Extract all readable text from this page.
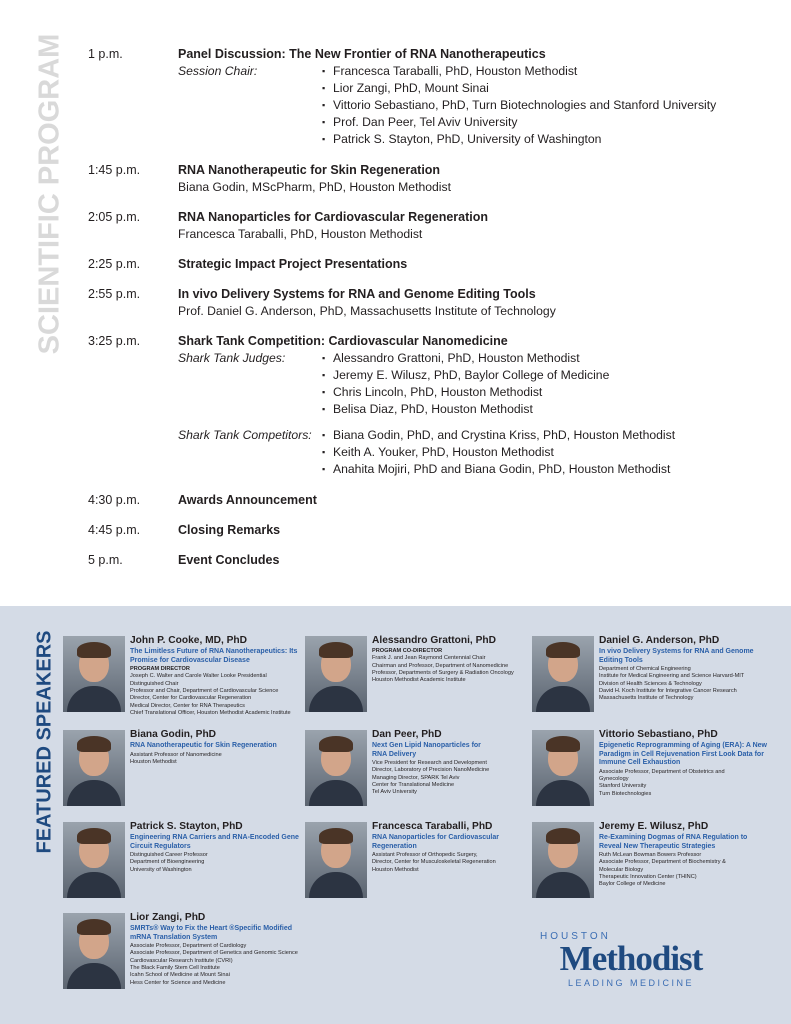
SCIENTIFIC PROGRAM 1 p.m.	Panel Discussion: The New Frontier of RNA Nanotherapeutics
Session Chair:	▪ Francesca Taraballi, PhD, Houston Methodist
▪ Lior Zangi, PhD, Mount Sinai
▪ Vittorio Sebastiano, PhD, Turn Biotechnologies and Stanford University
▪ Prof. Dan Peer, Tel Aviv University
▪ Patrick S. Stayton, PhD, University of Washington
1:45 p.m.	RNA Nanotherapeutic for Skin Regeneration
Biana Godin, MScPharm, PhD, Houston Methodist
2:05 p.m.	RNA Nanoparticles for Cardiovascular Regeneration
Francesca Taraballi, PhD, Houston Methodist
2:25 p.m.	Strategic Impact Project Presentations
2:55 p.m.	In vivo Delivery Systems for RNA and Genome Editing Tools
Prof. Daniel G. Anderson, PhD, Massachusetts Institute of Technology
3:25 p.m.	Shark Tank Competition: Cardiovascular Nanomedicine
Shark Tank Judges:	▪ Alessandro Grattoni, PhD, Houston Methodist
▪ Jeremy E. Wilusz, PhD, Baylor College of Medicine
▪ Chris Lincoln, PhD, Houston Methodist
▪ Belisa Diaz, PhD, Houston Methodist
Shark Tank Competitors:	▪ Biana Godin, PhD, and Crystina Kriss, PhD, Houston Methodist
▪ Keith A. Youker, PhD, Houston Methodist
▪ Anahita Mojiri, PhD and Biana Godin, PhD, Houston Methodist
4:30 p.m.	Awards Announcement
4:45 p.m.	Closing Remarks
5 p.m.	Event Concludes
FEATURED SPEAKERS	John P. Cooke, MD, PhD
The Limitless Future of RNA Nanotherapeutics: Its Promise for Cardiovascular Disease
PROGRAM DIRECTOR
Joseph C. Walter and Carole Walter Looke Presidential
Distinguished Chair
Professor and Chair, Department of Cardiovascular Science
Director, Center for Cardiovascular Regeneration
Medical Director, Center for RNA Therapeutics
Chief Translational Officer, Houston Methodist Academic Institute
Alessandro Grattoni, PhD
PROGRAM CO-DIRECTOR
Frank J. and Jean Raymond Centennial Chair
Chairman and Professor, Department of Nanomedicine
Professor, Departments of Surgery & Radiation Oncology
Houston Methodist Academic Institute
Daniel G. Anderson, PhD
In vivo Delivery Systems for RNA and Genome Editing Tools
Department of Chemical Engineering
Institute for Medical Engineering and Science Harvard-MIT
Division of Health Sciences & Technology
David H. Koch Institute for Integrative Cancer Research
Massachusetts Institute of Technology
Biana Godin, PhD
RNA Nanotherapeutic for Skin Regeneration
Assistant Professor of Nanomedicine
Houston Methodist
Dan Peer, PhD
Next Gen Lipid Nanoparticles for RNA Delivery
Vice President for Research and Development
Director, Laboratory of Precision NanoMedicine
Managing Director, SPARK Tel Aviv
Center for Translational Medicine
Tel Aviv University
Vittorio Sebastiano, PhD
Epigenetic Reprogramming of Aging (ERA): A New Paradigm in Cell Rejuvenation First Look Data for Immune Cell Exhaustion
Associate Professor, Department of Obstetrics and
Gynecology
Stanford University
Turn Biotechnologies
Patrick S. Stayton, PhD
Engineering RNA Carriers and RNA-Encoded Gene Circuit Regulators
Distinguished Career Professor
Department of Bioengineering
University of Washington
Francesca Taraballi, PhD
RNA Nanoparticles for Cardiovascular Regeneration
Assistant Professor of Orthopedic Surgery,
Director, Center for Musculoskeletal Regeneration
Houston Methodist
Jeremy E. Wilusz, PhD
Re-Examining Dogmas of RNA Regulation to Reveal New Therapeutic Strategies
Ruth McLean Bowman Bowers Professor
Associate Professor, Department of Biochemistry &
Molecular Biology
Therapeutic Innovation Center (THINC)
Baylor College of Medicine
Lior Zangi, PhD
SMRTs® Way to Fix the Heart ®Specific Modified mRNA Translation System
Associate Professor, Department of Cardiology
Associate Professor, Department of Genetics and Genomic Science
Cardiovascular Research Institute (CVRI)
The Black Family Stem Cell Institute
Icahn School of Medicine at Mount Sinai
Hess Center for Science and Medicine
HOUSTON
Methodist
LEADING MEDICINE
